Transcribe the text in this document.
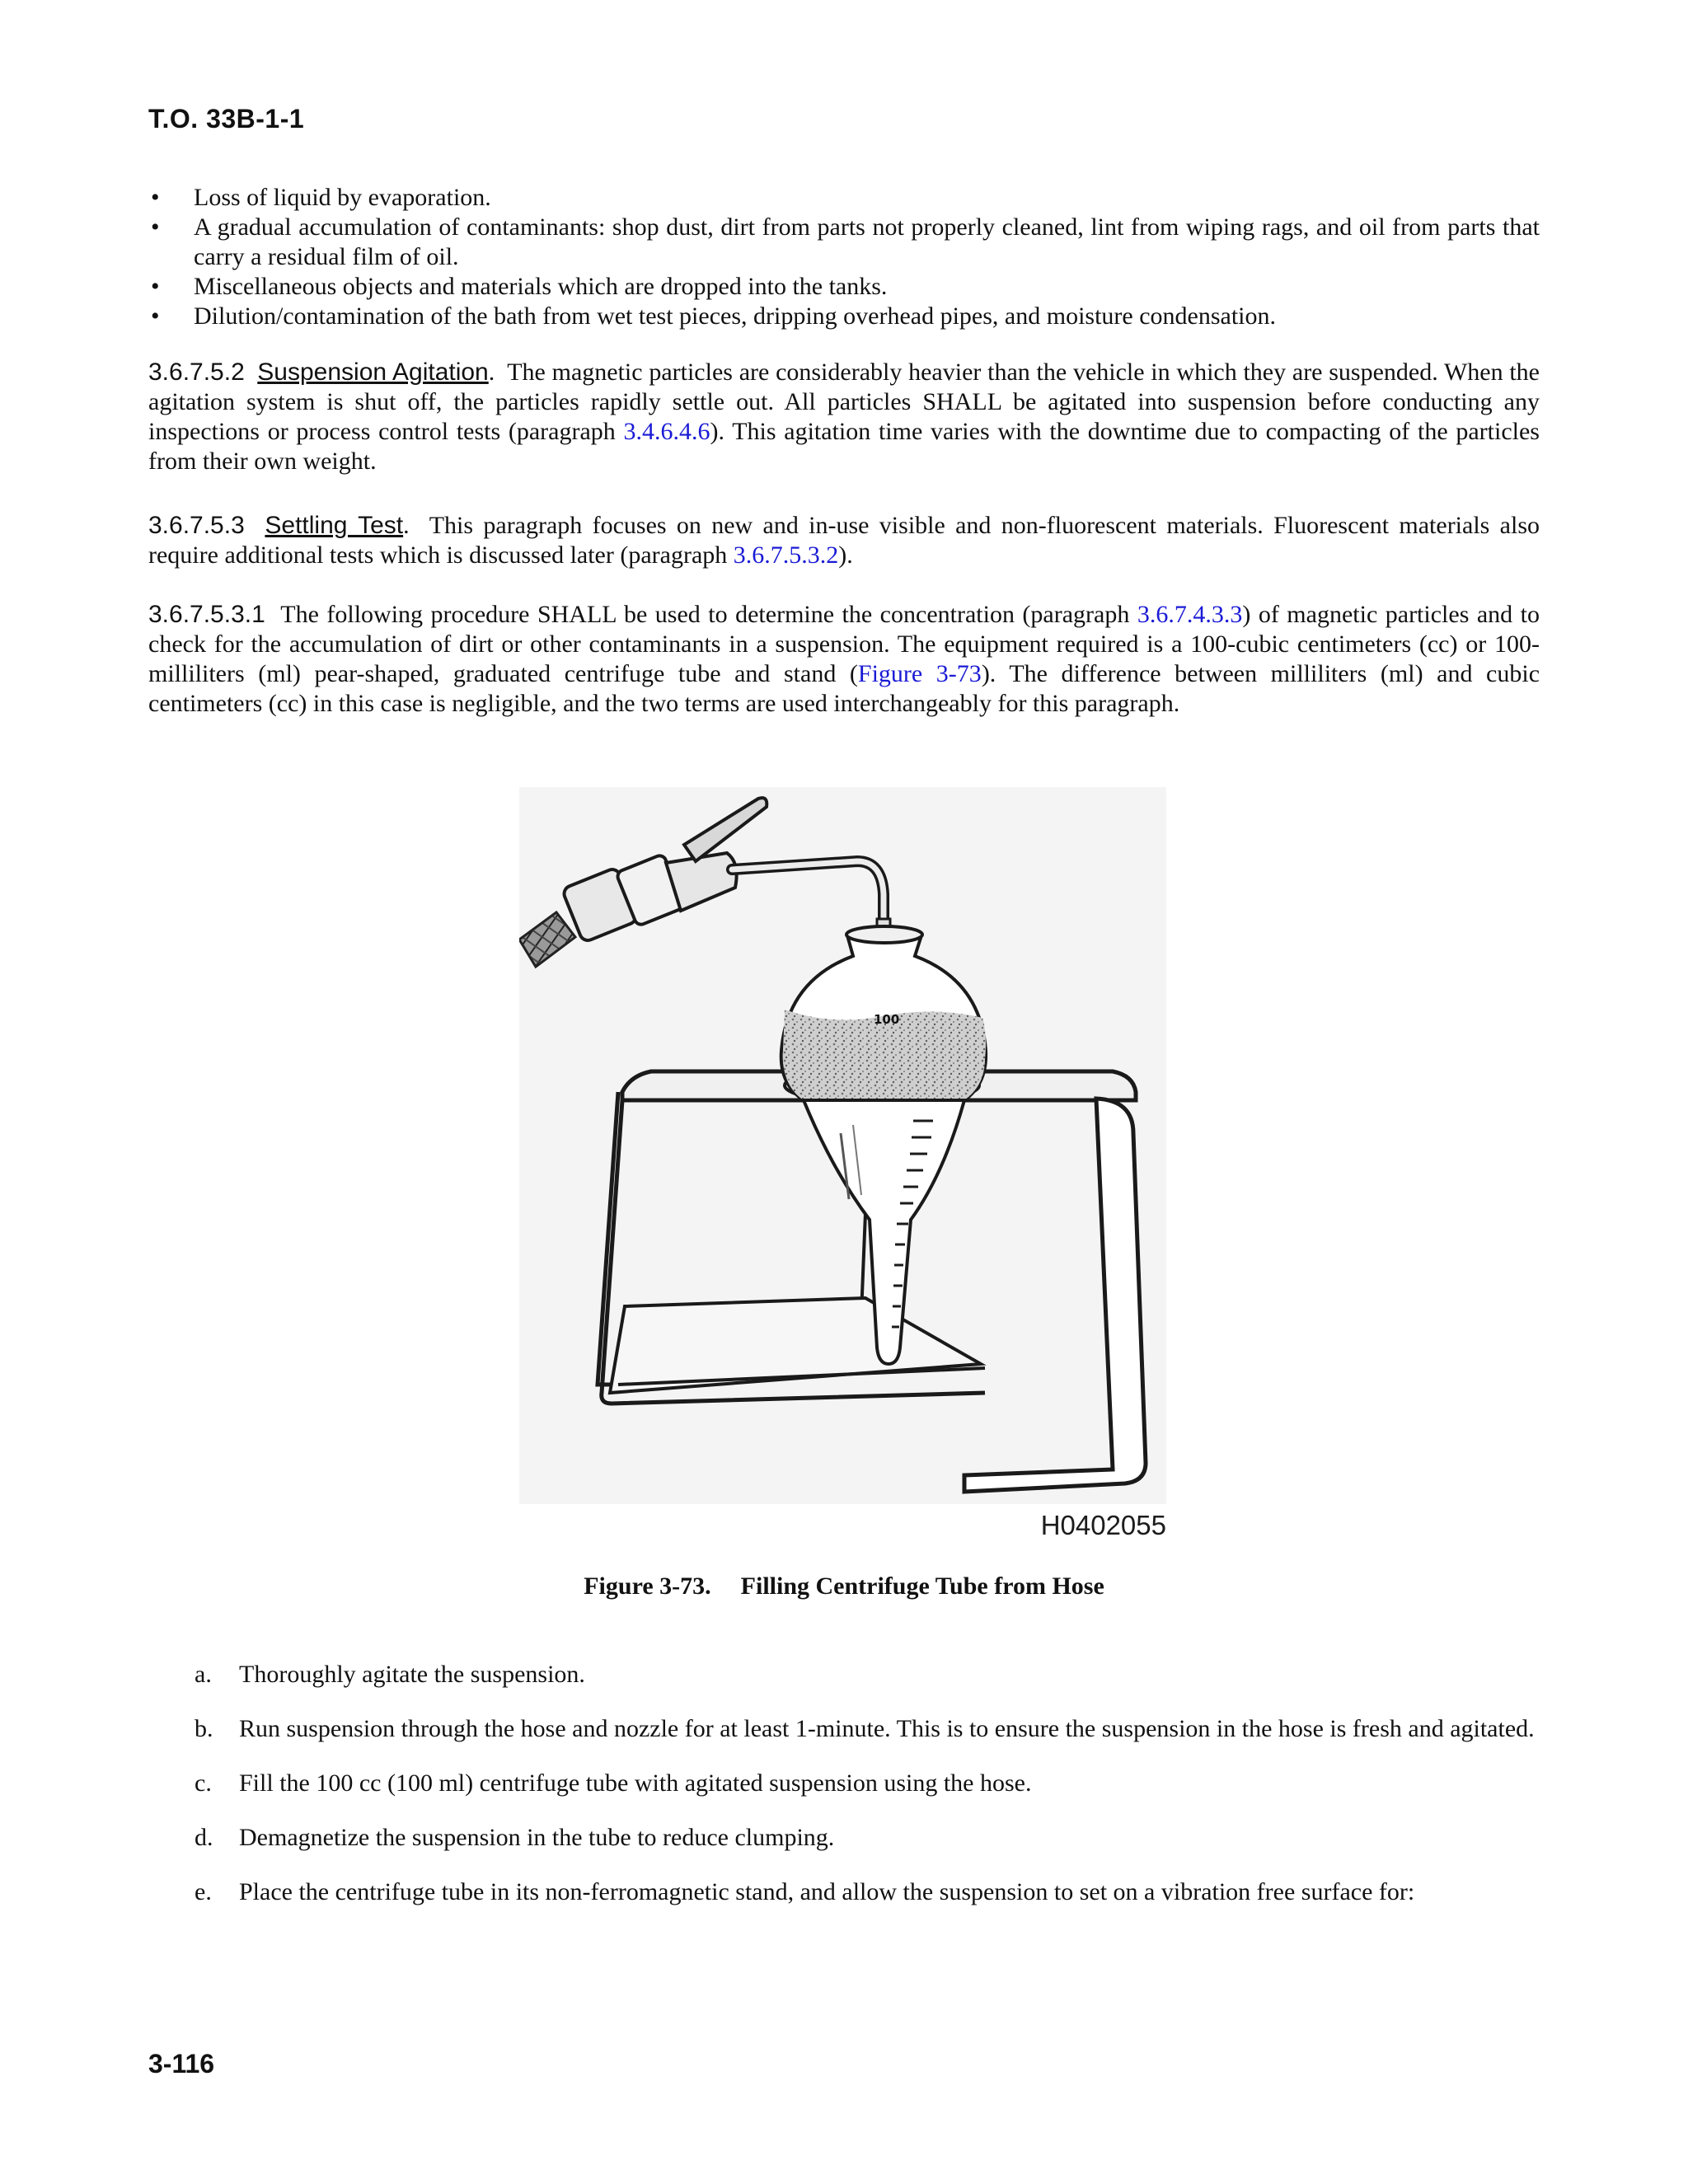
T.O. 33B-1-1
• Loss of liquid by evaporation.
• A gradual accumulation of contaminants: shop dust, dirt from parts not properly cleaned, lint from wiping rags, and oil from parts that carry a residual film of oil.
• Miscellaneous objects and materials which are dropped into the tanks.
• Dilution/contamination of the bath from wet test pieces, dripping overhead pipes, and moisture condensation.

3.6.7.5.2 Suspension Agitation.  The magnetic particles are considerably heavier than the vehicle in which they are suspended. When the agitation system is shut off, the particles rapidly settle out. All particles SHALL be agitated into suspension before conducting any inspections or process control tests (paragraph 3.4.6.4.6). This agitation time varies with the downtime due to compacting of the particles from their own weight.

3.6.7.5.3 Settling Test.  This paragraph focuses on new and in-use visible and non-fluorescent materials. Fluorescent materials also require additional tests which is discussed later (paragraph 3.6.7.5.3.2).

3.6.7.5.3.1 The following procedure SHALL be used to determine the concentration (paragraph 3.6.7.4.3.3) of magnetic particles and to check for the accumulation of dirt or other contaminants in a suspension. The equipment required is a 100-cubic centimeters (cc) or 100-milliliters (ml) pear-shaped, graduated centrifuge tube and stand (Figure 3-73). The difference between milliliters (ml) and cubic centimeters (cc) in this case is negligible, and the two terms are used interchangeably for this paragraph.

100
H0402055
Figure 3-73. Filling Centrifuge Tube from Hose
a. Thoroughly agitate the suspension.
b. Run suspension through the hose and nozzle for at least 1-minute. This is to ensure the suspension in the hose is fresh and agitated.
c. Fill the 100 cc (100 ml) centrifuge tube with agitated suspension using the hose.
d. Demagnetize the suspension in the tube to reduce clumping.
e. Place the centrifuge tube in its non-ferromagnetic stand, and allow the suspension to set on a vibration free surface for:
3-116
